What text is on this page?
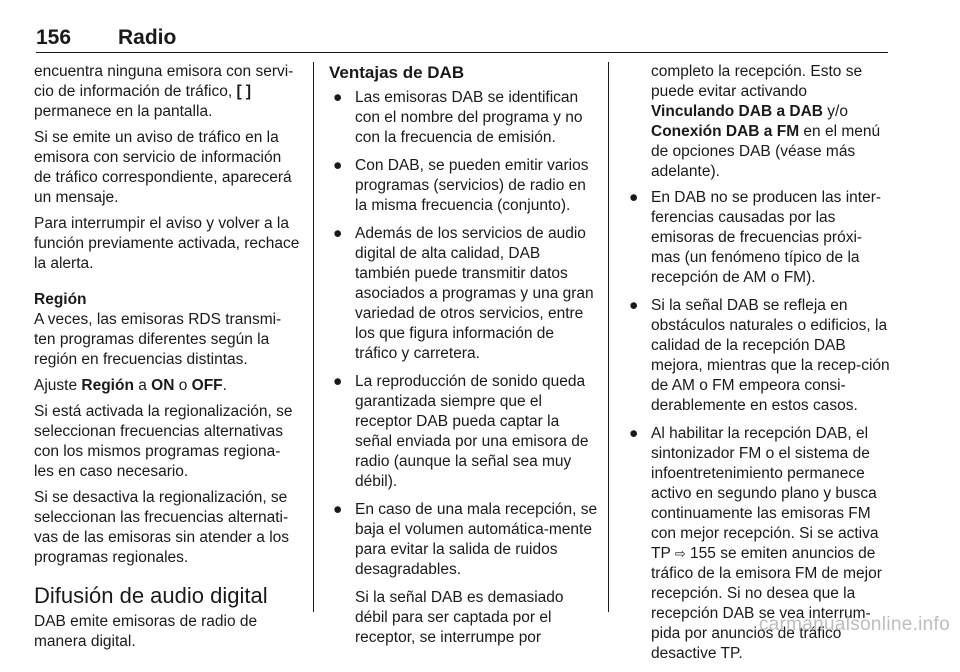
156 Radio

encuentra ninguna emisora con servi-cio de información de tráfico, [ ] permanece en la pantalla.

Si se emite un aviso de tráfico en la emisora con servicio de información de tráfico correspondiente, aparecerá un mensaje.

Para interrumpir el aviso y volver a la función previamente activada, rechace la alerta.

Región

A veces, las emisoras RDS transmi-ten programas diferentes según la región en frecuencias distintas.

Ajuste Región a ON o OFF.

Si está activada la regionalización, se seleccionan frecuencias alternativas con los mismos programas regiona-les en caso necesario.

Si se desactiva la regionalización, se seleccionan las frecuencias alternati-vas de las emisoras sin atender a los programas regionales.

Difusión de audio digital

DAB emite emisoras de radio de manera digital.

Ventajas de DAB
● Las emisoras DAB se identifican con el nombre del programa y no con la frecuencia de emisión.
● Con DAB, se pueden emitir varios programas (servicios) de radio en la misma frecuencia (conjunto).
● Además de los servicios de audio digital de alta calidad, DAB también puede transmitir datos asociados a programas y una gran variedad de otros servicios, entre los que figura información de tráfico y carretera.
● La reproducción de sonido queda garantizada siempre que el receptor DAB pueda captar la señal enviada por una emisora de radio (aunque la señal sea muy débil).
● En caso de una mala recepción, se baja el volumen automática-mente para evitar la salida de ruidos desagradables.
Si la señal DAB es demasiado débil para ser captada por el receptor, se interrumpe por
completo la recepción. Esto se puede evitar activando Vinculando DAB a DAB y/o Conexión DAB a FM en el menú de opciones DAB (véase más adelante).
● En DAB no se producen las inter-ferencias causadas por las emisoras de frecuencias próxi-mas (un fenómeno típico de la recepción de AM o FM).
● Si la señal DAB se refleja en obstáculos naturales o edificios, la calidad de la recepción DAB mejora, mientras que la recep-ción de AM o FM empeora consi-derablemente en estos casos.
● Al habilitar la recepción DAB, el sintonizador FM o el sistema de infoentretenimiento permanece activo en segundo plano y busca continuamente las emisoras FM con mejor recepción. Si se activa TP ⇨ 155 se emiten anuncios de tráfico de la emisora FM de mejor recepción. Si no desea que la recepción DAB se vea interrum-pida por anuncios de tráfico desactive TP.
carmanualsonline.info
